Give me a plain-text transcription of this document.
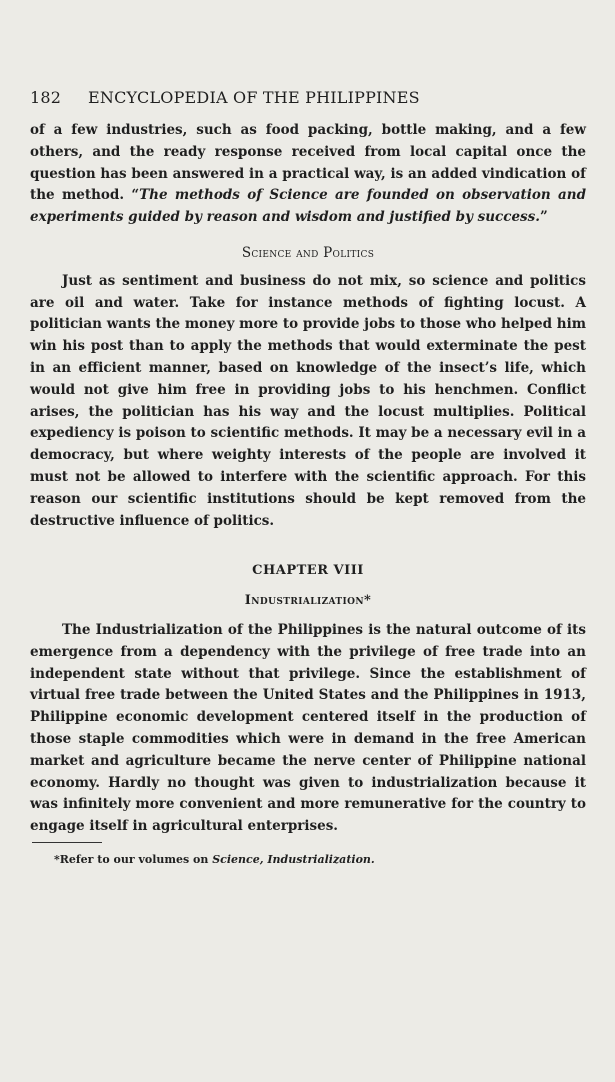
182 ENCYCLOPEDIA OF THE PHILIPPINES

of a few industries, such as food packing, bottle making, and a few others, and the ready response received from local capital once the question has been answered in a practical way, is an added vindication of the method. “The methods of Science are founded on observation and experiments guided by reason and wisdom and justified by success.”

Science and Politics

Just as sentiment and business do not mix, so science and politics are oil and water. Take for instance methods of fighting locust. A politician wants the money more to provide jobs to those who helped him win his post than to apply the methods that would exterminate the pest in an efficient manner, based on knowledge of the insect’s life, which would not give him free in providing jobs to his henchmen. Conflict arises, the politician has his way and the locust multiplies. Political expediency is poison to scientific methods. It may be a necessary evil in a democracy, but where weighty interests of the people are involved it must not be allowed to interfere with the scientific approach. For this reason our scientific institutions should be kept removed from the destructive influence of politics.

CHAPTER VIII
Industrialization*

The Industrialization of the Philippines is the natural outcome of its emergence from a dependency with the privilege of free trade into an independent state without that privilege. Since the establishment of virtual free trade between the United States and the Philippines in 1913, Philippine economic development centered itself in the production of those staple commodities which were in demand in the free American market and agriculture became the nerve center of Philippine national economy. Hardly no thought was given to industrialization because it was infinitely more convenient and more remunerative for the country to engage itself in agricultural enterprises.

*Refer to our volumes on Science, Industrialization.
